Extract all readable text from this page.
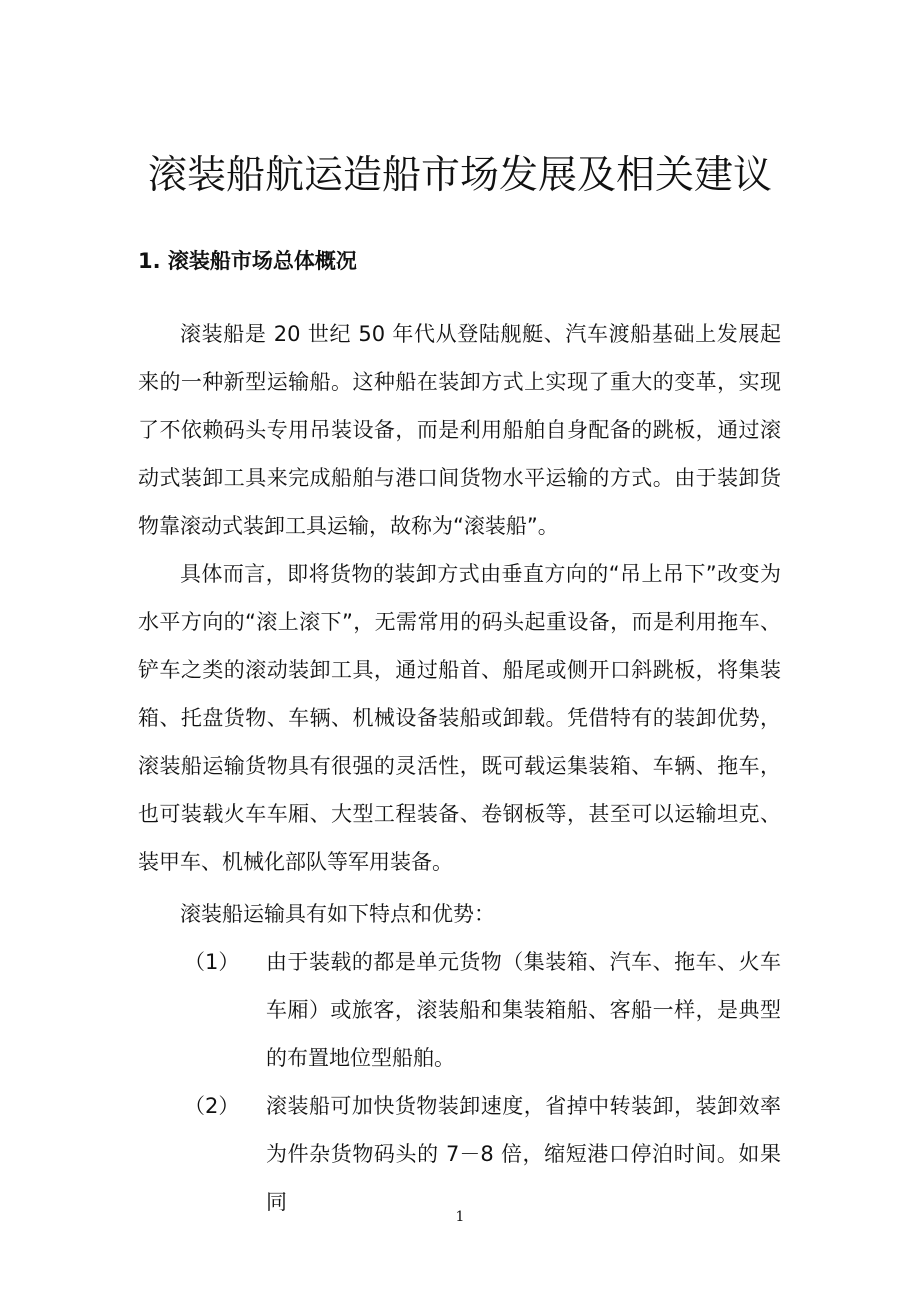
滚装船航运造船市场发展及相关建议
1. 滚装船市场总体概况

滚装船是 20 世纪 50 年代从登陆舰艇、汽车渡船基础上发展起来的一种新型运输船。这种船在装卸方式上实现了重大的变革，实现了不依赖码头专用吊装设备，而是利用船舶自身配备的跳板，通过滚动式装卸工具来完成船舶与港口间货物水平运输的方式。由于装卸货物靠滚动式装卸工具运输，故称为“滚装船”。

具体而言，即将货物的装卸方式由垂直方向的“吊上吊下”改变为水平方向的“滚上滚下”，无需常用的码头起重设备，而是利用拖车、铲车之类的滚动装卸工具，通过船首、船尾或侧开口斜跳板，将集装箱、托盘货物、车辆、机械设备装船或卸载。凭借特有的装卸优势，滚装船运输货物具有很强的灵活性，既可载运集装箱、车辆、拖车，也可装载火车车厢、大型工程装备、卷钢板等，甚至可以运输坦克、装甲车、机械化部队等军用装备。

滚装船运输具有如下特点和优势：

（1） 由于装载的都是单元货物（集装箱、汽车、拖车、火车车厢）或旅客，滚装船和集装箱船、客船一样，是典型的布置地位型船舶。
（2） 滚装船可加快货物装卸速度，省掉中转装卸，装卸效率为件杂货物码头的 7－8 倍，缩短港口停泊时间。如果同
1
